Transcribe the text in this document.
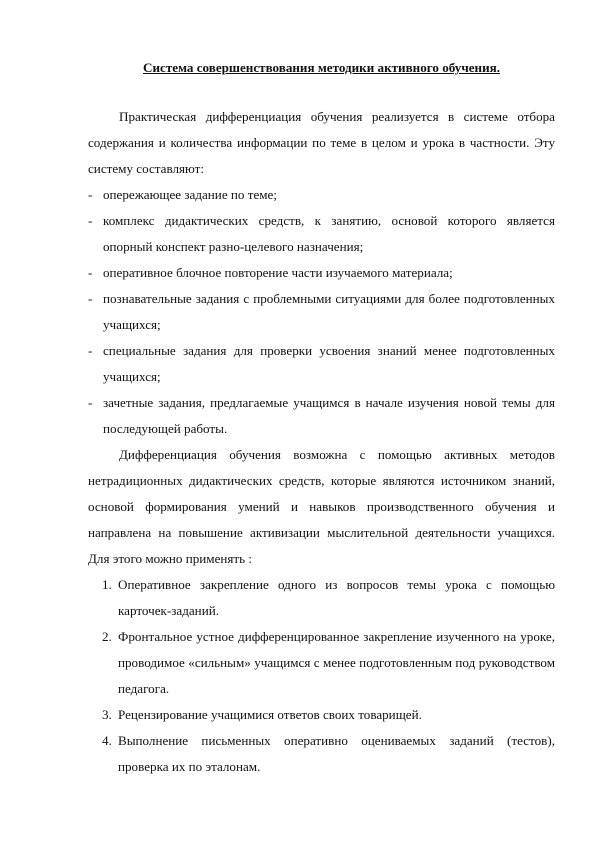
Система совершенствования методики активного обучения.

Практическая дифференциация обучения реализуется в системе отбора содержания и количества информации по теме в целом и урока в частности. Эту систему составляют:

- опережающее задание по теме;
- комплекс дидактических средств, к занятию, основой которого является опорный конспект разно-целевого назначения;
- оперативное блочное повторение части изучаемого материала;
- познавательные задания с проблемными ситуациями для более подготовленных учащихся;
- специальные задания для проверки усвоения знаний менее подготовленных учащихся;
- зачетные задания, предлагаемые учащимся в начале изучения новой темы для последующей работы.

Дифференциация обучения возможна с помощью активных методов нетрадиционных дидактических средств, которые являются источником знаний, основой формирования умений и навыков производственного обучения и направлена на повышение активизации мыслительной деятельности учащихся. Для этого можно применять :

1. Оперативное закрепление одного из вопросов темы урока с помощью карточек-заданий.
2. Фронтальное устное дифференцированное закрепление изученного на уроке, проводимое «сильным» учащимся с менее подготовленным под руководством педагога.
3. Рецензирование учащимися ответов своих товарищей.
4. Выполнение письменных оперативно оцениваемых заданий (тестов), проверка их по эталонам.
